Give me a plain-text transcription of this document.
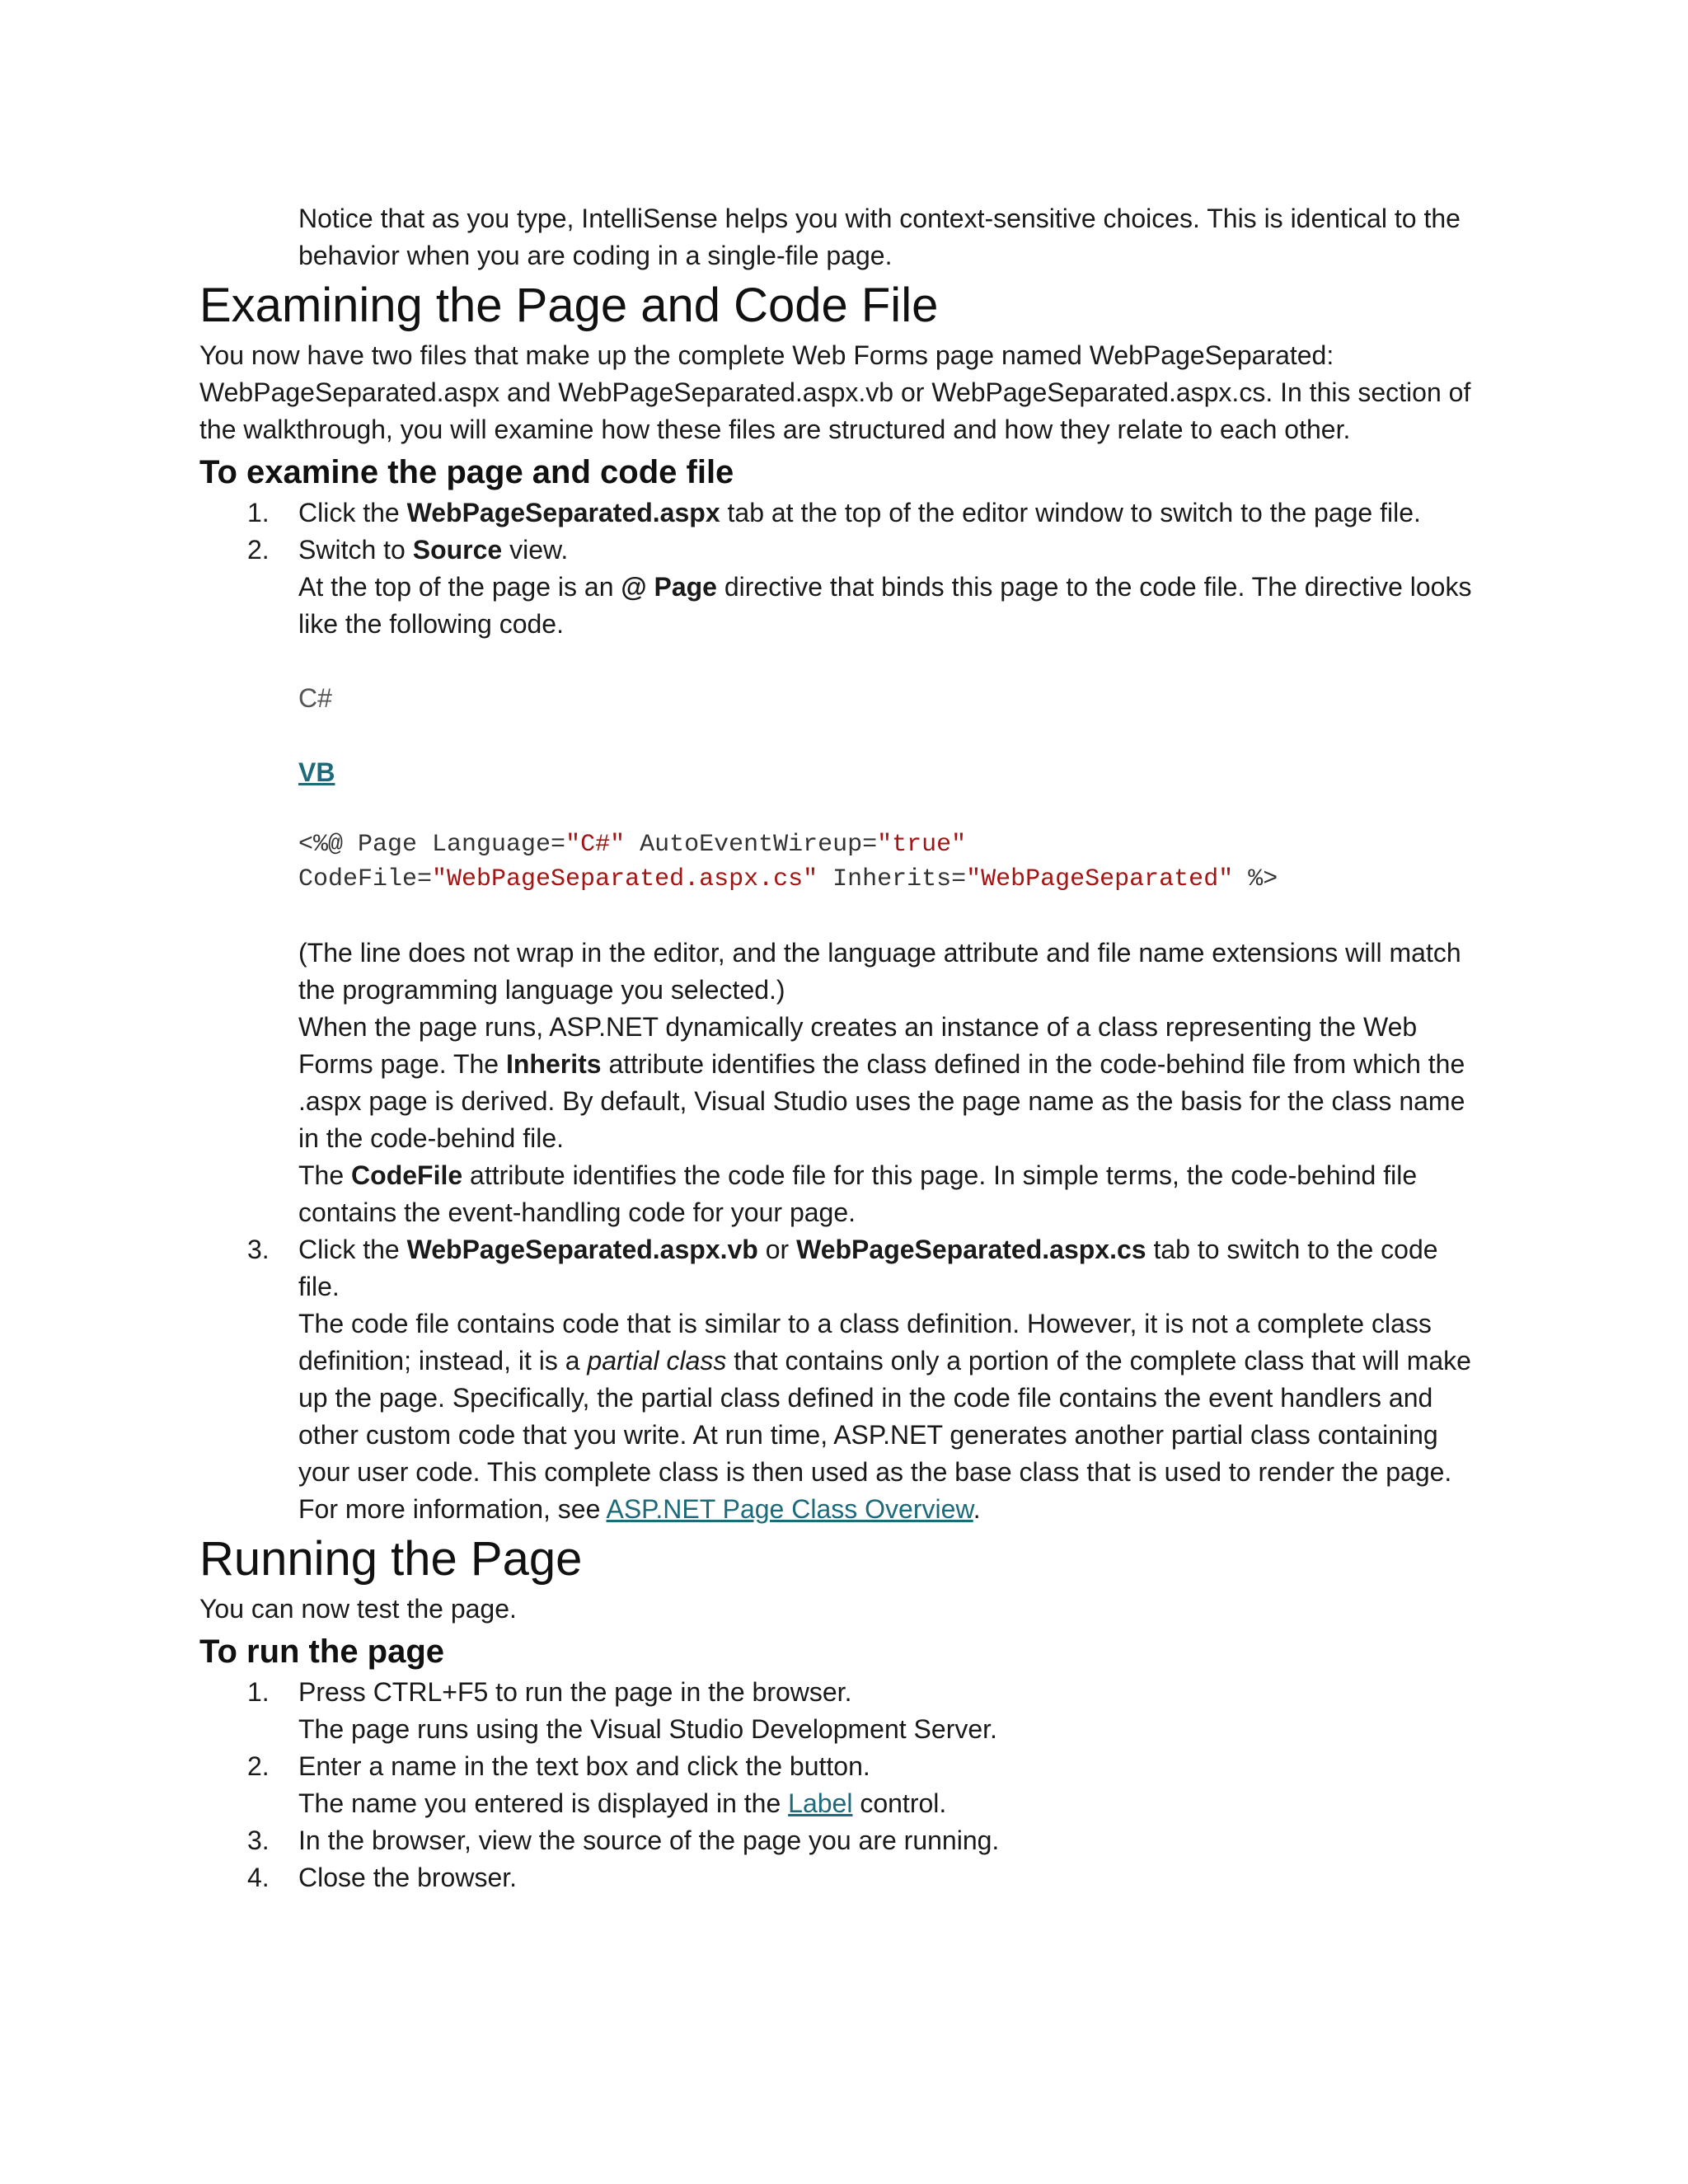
Notice that as you type, IntelliSense helps you with context-sensitive choices. This is identical to the behavior when you are coding in a single-file page.

Examining the Page and Code File

You now have two files that make up the complete Web Forms page named WebPageSeparated: WebPageSeparated.aspx and WebPageSeparated.aspx.vb or WebPageSeparated.aspx.cs. In this section of the walkthrough, you will examine how these files are structured and how they relate to each other.

To examine the page and code file
1. Click the WebPageSeparated.aspx tab at the top of the editor window to switch to the page file.

2. Switch to Source view.

At the top of the page is an @ Page directive that binds this page to the code file. The directive looks like the following code.

C#

VB

<%@ Page Language="C#" AutoEventWireup="true"

CodeFile="WebPageSeparated.aspx.cs" Inherits="WebPageSeparated" %>

(The line does not wrap in the editor, and the language attribute and file name extensions will match the programming language you selected.)

When the page runs, ASP.NET dynamically creates an instance of a class representing the Web Forms page. The Inherits attribute identifies the class defined in the code-behind file from which the .aspx page is derived. By default, Visual Studio uses the page name as the basis for the class name in the code-behind file.

The CodeFile attribute identifies the code file for this page. In simple terms, the code-behind file contains the event-handling code for your page.

3. Click the WebPageSeparated.aspx.vb or WebPageSeparated.aspx.cs tab to switch to the code file.

The code file contains code that is similar to a class definition. However, it is not a complete class definition; instead, it is a partial class that contains only a portion of the complete class that will make up the page. Specifically, the partial class defined in the code file contains the event handlers and other custom code that you write. At run time, ASP.NET generates another partial class containing your user code. This complete class is then used as the base class that is used to render the page. For more information, see ASP.NET Page Class Overview.

Running the Page

You can now test the page.

To run the page
1. Press CTRL+F5 to run the page in the browser.

The page runs using the Visual Studio Development Server.

2. Enter a name in the text box and click the button.

The name you entered is displayed in the Label control.

3. In the browser, view the source of the page you are running.

4. Close the browser.
